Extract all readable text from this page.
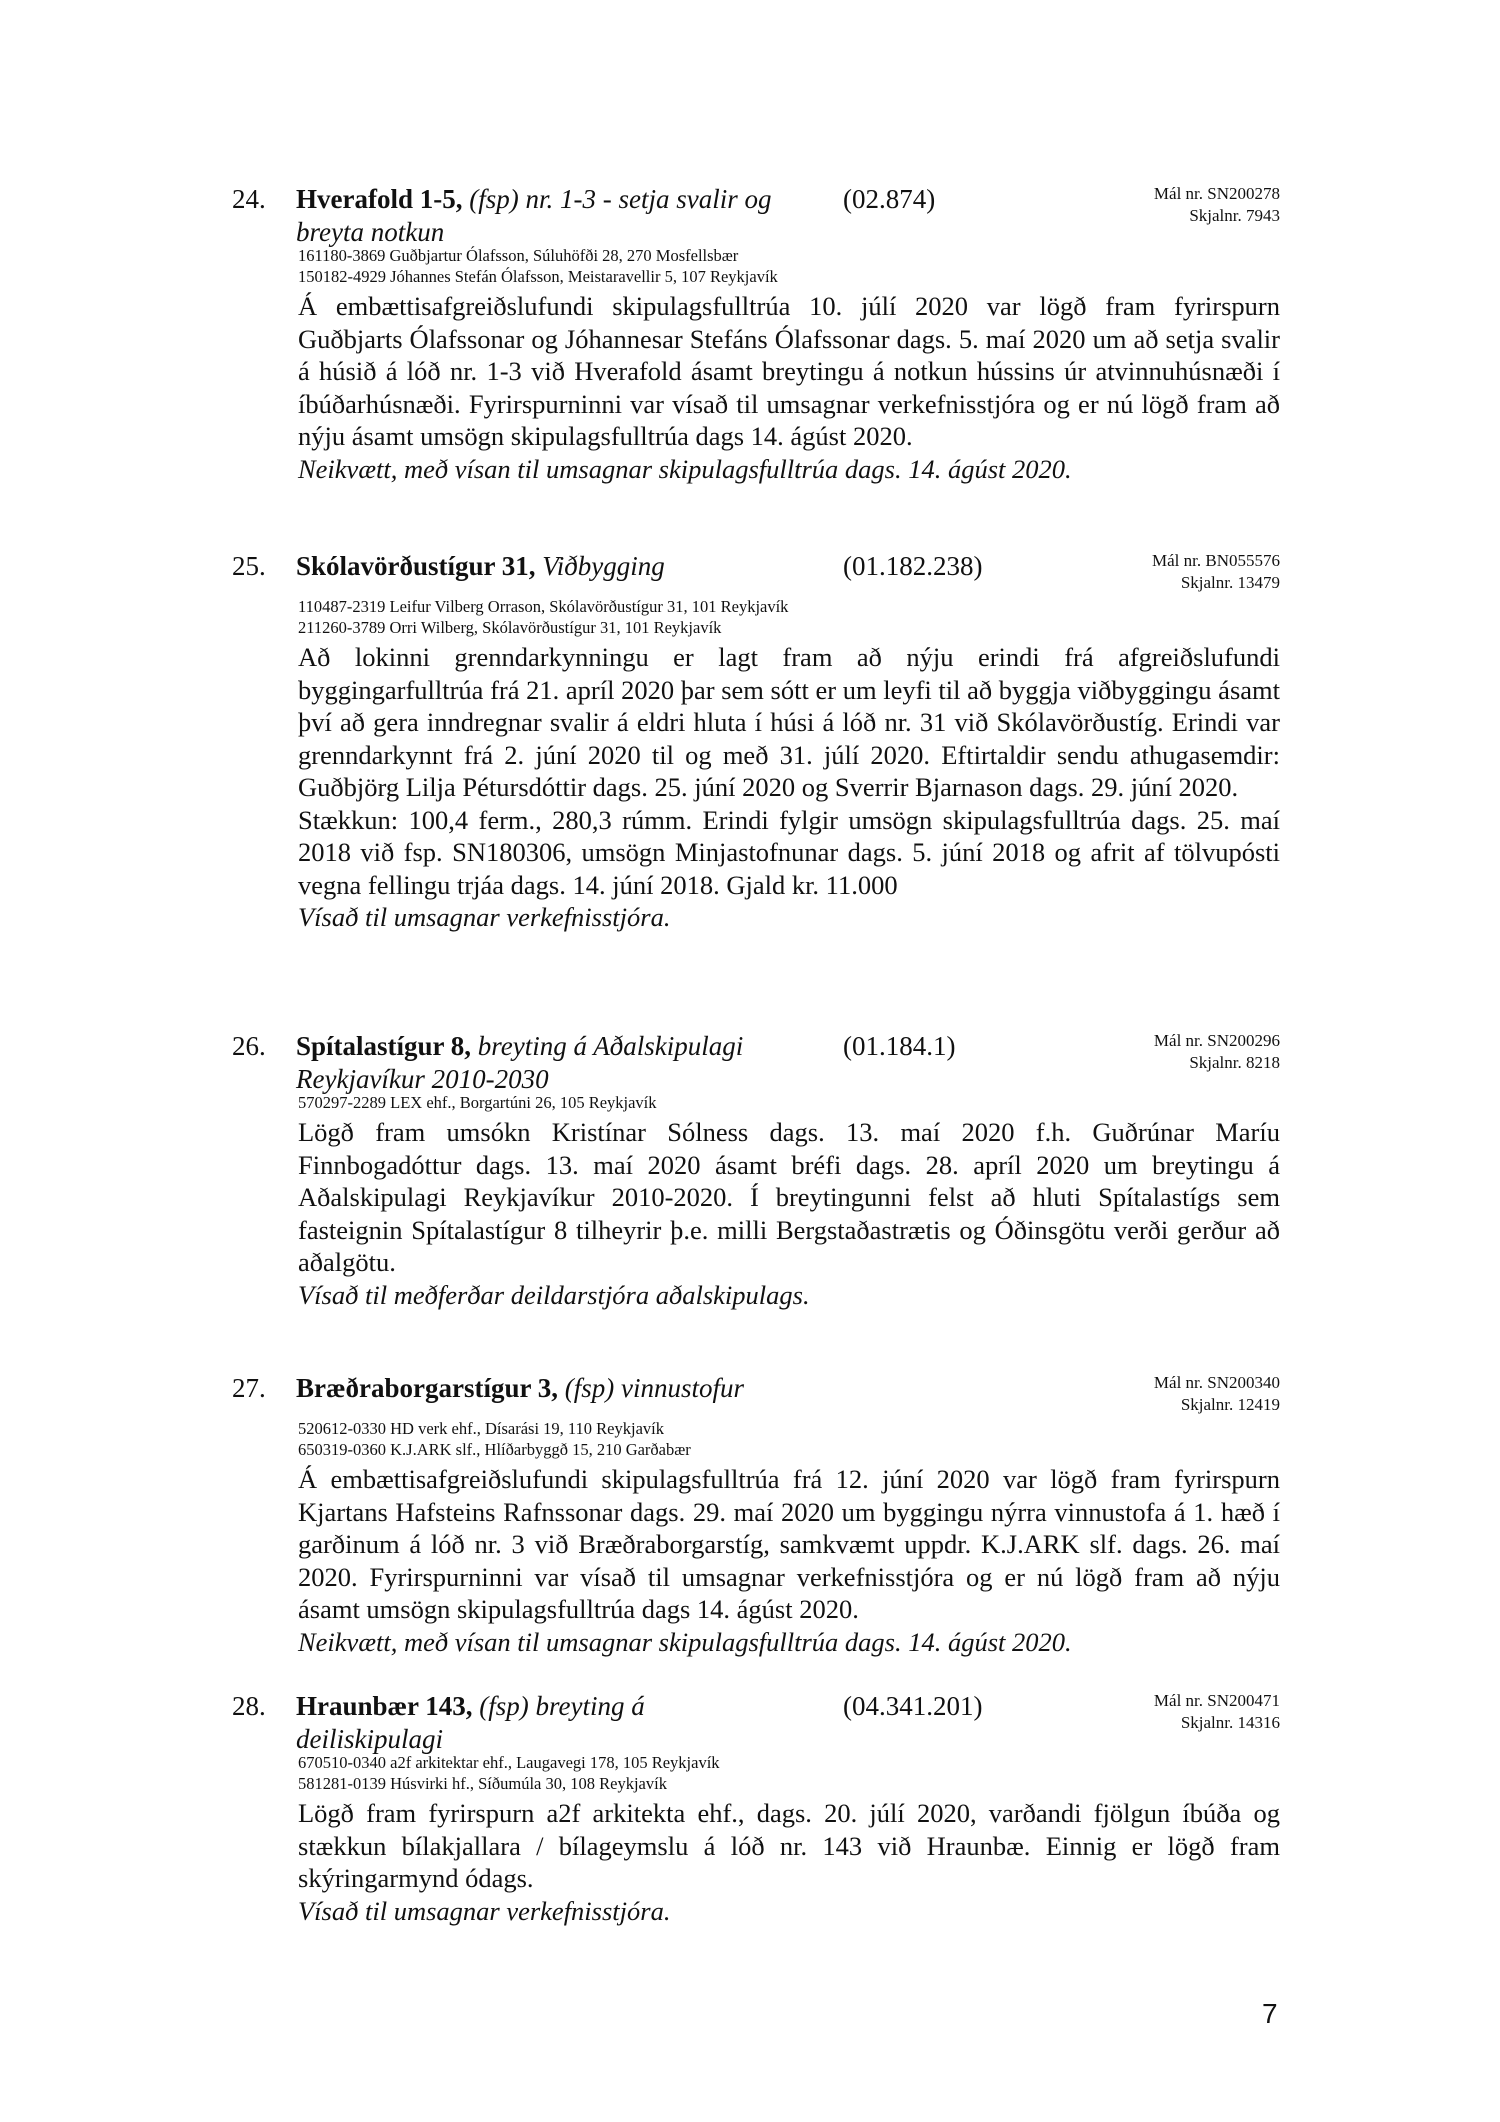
24. Hverafold 1-5, (fsp) nr. 1-3 - setja svalir og breyta notkun
(02.874)	Mál nr. SN200278
Skjalnr. 7943
161180-3869 Guðbjartur Ólafsson, Súluhöfði 28, 270 Mosfellsbær
150182-4929 Jóhannes Stefán Ólafsson, Meistaravellir 5, 107 Reykjavík

Á embættisafgreiðslufundi skipulagsfulltrúa 10. júlí 2020 var lögð fram fyrirspurn Guðbjarts Ólafssonar og Jóhannesar Stefáns Ólafssonar dags. 5. maí 2020 um að setja svalir á húsið á lóð nr. 1-3 við Hverafold ásamt breytingu á notkun hússins úr atvinnuhúsnæði í íbúðarhúsnæði. Fyrirspurninni var vísað til umsagnar verkefnisstjóra og er nú lögð fram að nýju ásamt umsögn skipulagsfulltrúa dags 14. ágúst 2020.

Neikvætt, með vísan til umsagnar skipulagsfulltrúa dags. 14. ágúst 2020.

25. Skólavörðustígur 31, Viðbygging	(01.182.238)	Mál nr. BN055576
Skjalnr. 13479
110487-2319 Leifur Vilberg Orrason, Skólavörðustígur 31, 101 Reykjavík
211260-3789 Orri Wilberg, Skólavörðustígur 31, 101 Reykjavík

Að lokinni grenndarkynningu er lagt fram að nýju erindi frá afgreiðslufundi byggingarfulltrúa frá 21. apríl 2020 þar sem sótt er um leyfi til að byggja viðbyggingu ásamt því að gera inndregnar svalir á eldri hluta í húsi á lóð nr. 31 við Skólavörðustíg. Erindi var grenndarkynnt frá 2. júní 2020 til og með 31. júlí 2020. Eftirtaldir sendu athugasemdir: Guðbjörg Lilja Pétursdóttir dags. 25. júní 2020 og Sverrir Bjarnason dags. 29. júní 2020.

Stækkun: 100,4 ferm., 280,3 rúmm. Erindi fylgir umsögn skipulagsfulltrúa dags. 25. maí 2018 við fsp. SN180306, umsögn Minjastofnunar dags. 5. júní 2018 og afrit af tölvupósti vegna fellingu trjáa dags. 14. júní 2018. Gjald kr. 11.000

Vísað til umsagnar verkefnisstjóra.

26. Spítalastígur 8, breyting á Aðalskipulagi Reykjavíkur 2010-2030
(01.184.1)	Mál nr. SN200296
Skjalnr. 8218
570297-2289 LEX ehf., Borgartúni 26, 105 Reykjavík

Lögð fram umsókn Kristínar Sólness dags. 13. maí 2020 f.h. Guðrúnar Maríu Finnbogadóttur dags. 13. maí 2020 ásamt bréfi dags. 28. apríl 2020 um breytingu á Aðalskipulagi Reykjavíkur 2010-2020. Í breytingunni felst að hluti Spítalastígs sem fasteignin Spítalastígur 8 tilheyrir þ.e. milli Bergstaðastrætis og Óðinsgötu verði gerður að aðalgötu.

Vísað til meðferðar deildarstjóra aðalskipulags.

27. Bræðraborgarstígur 3, (fsp) vinnustofur	Mál nr. SN200340
Skjalnr. 12419
520612-0330 HD verk ehf., Dísarási 19, 110 Reykjavík
650319-0360 K.J.ARK slf., Hlíðarbyggð 15, 210 Garðabær

Á embættisafgreiðslufundi skipulagsfulltrúa frá 12. júní 2020 var lögð fram fyrirspurn Kjartans Hafsteins Rafnssonar dags. 29. maí 2020 um byggingu nýrra vinnustofa á 1. hæð í garðinum á lóð nr. 3 við Bræðraborgarstíg, samkvæmt uppdr. K.J.ARK slf. dags. 26. maí 2020. Fyrirspurninni var vísað til umsagnar verkefnisstjóra og er nú lögð fram að nýju ásamt umsögn skipulagsfulltrúa dags 14. ágúst 2020.

Neikvætt, með vísan til umsagnar skipulagsfulltrúa dags. 14. ágúst 2020.

28. Hraunbær 143, (fsp) breyting á deiliskipulagi
(04.341.201)	Mál nr. SN200471
Skjalnr. 14316
670510-0340 a2f arkitektar ehf., Laugavegi 178, 105 Reykjavík
581281-0139 Húsvirki hf., Síðumúla 30, 108 Reykjavík

Lögð fram fyrirspurn a2f arkitekta ehf., dags. 20. júlí 2020, varðandi fjölgun íbúða og stækkun bílakjallara / bílageymslu á lóð nr. 143 við Hraunbæ. Einnig er lögð fram skýringarmynd ódags.

Vísað til umsagnar verkefnisstjóra.

7
